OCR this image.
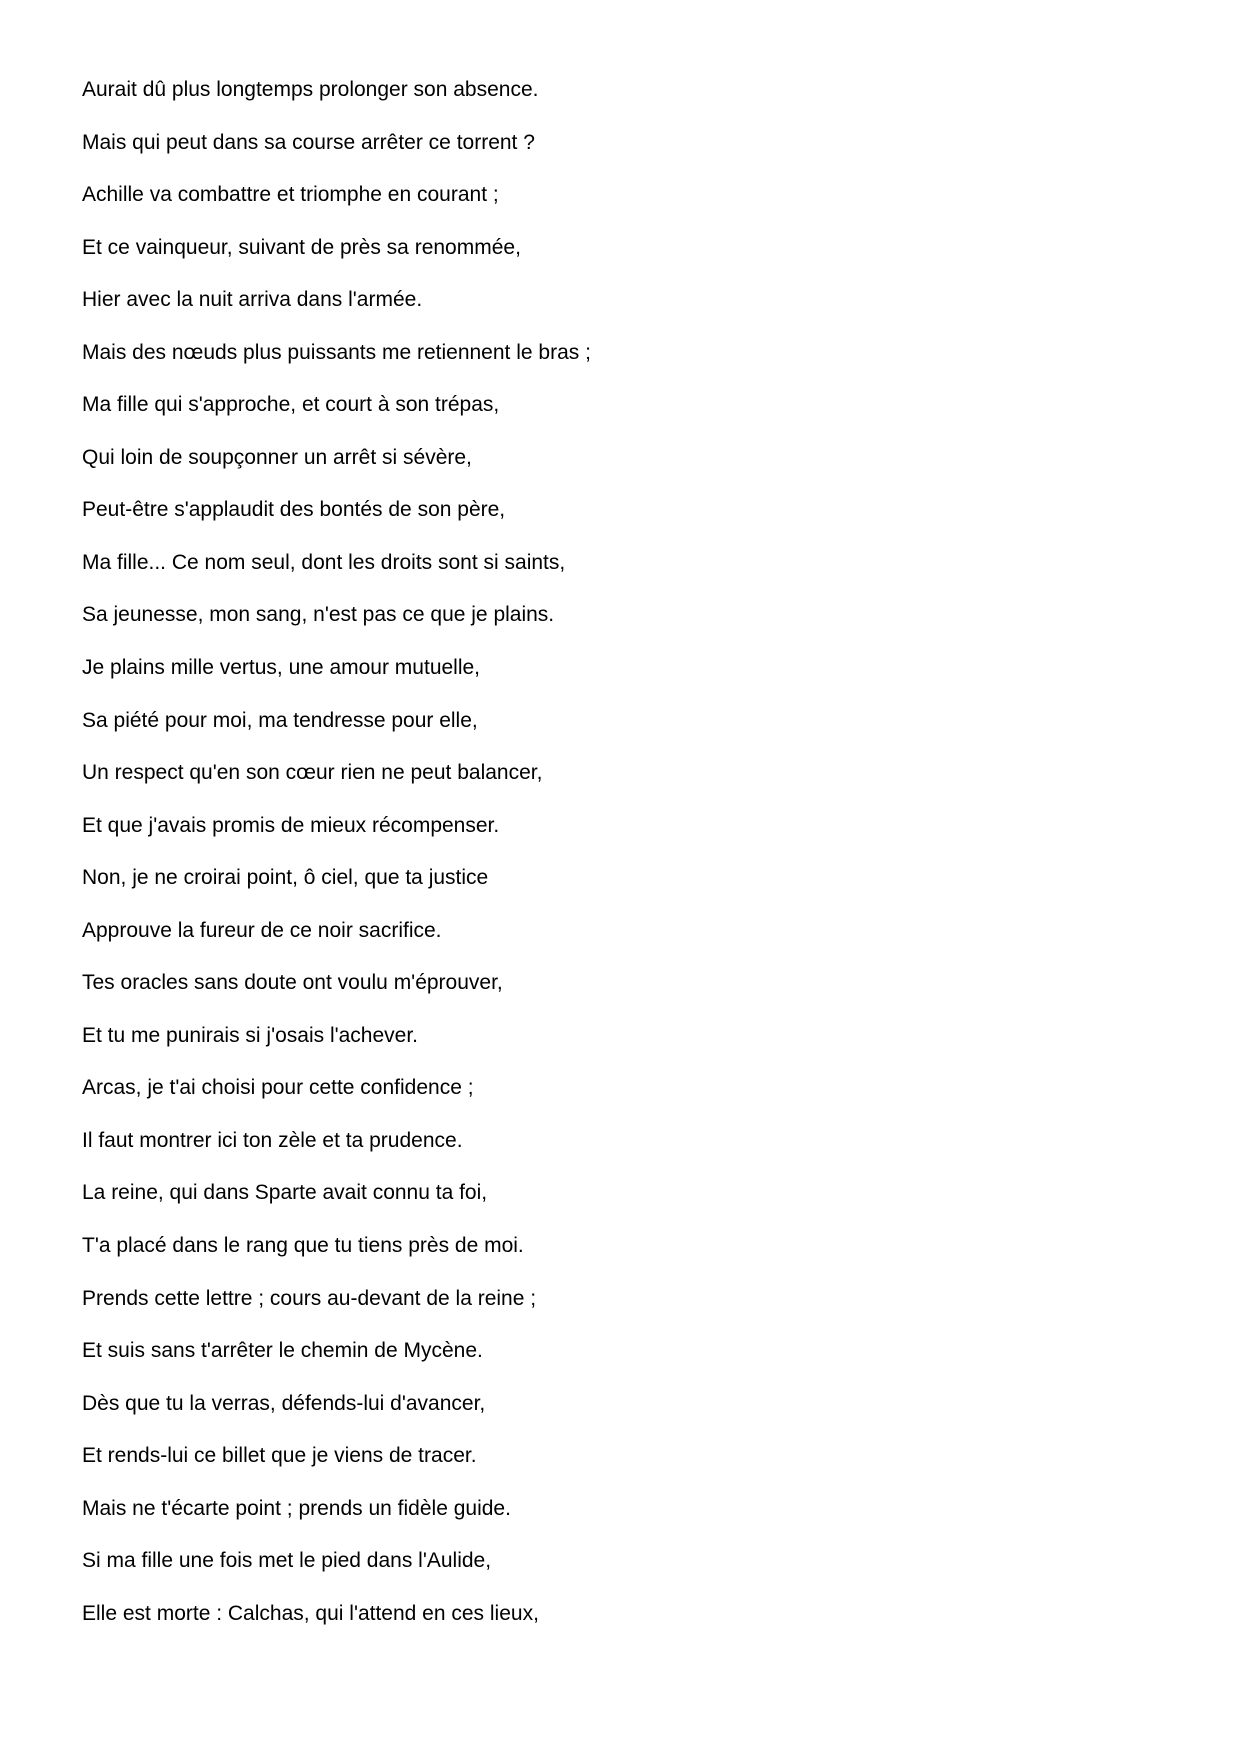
Aurait dû plus longtemps prolonger son absence.
Mais qui peut dans sa course arrêter ce torrent ?
Achille va combattre et triomphe en courant ;
Et ce vainqueur, suivant de près sa renommée,
Hier avec la nuit arriva dans l'armée.
Mais des nœuds plus puissants me retiennent le bras ;
Ma fille qui s'approche, et court à son trépas,
Qui loin de soupçonner un arrêt si sévère,
Peut-être s'applaudit des bontés de son père,
Ma fille... Ce nom seul, dont les droits sont si saints,
Sa jeunesse, mon sang, n'est pas ce que je plains.
Je plains mille vertus, une amour mutuelle,
Sa piété pour moi, ma tendresse pour elle,
Un respect qu'en son cœur rien ne peut balancer,
Et que j'avais promis de mieux récompenser.
Non, je ne croirai point, ô ciel, que ta justice
Approuve la fureur de ce noir sacrifice.
Tes oracles sans doute ont voulu m'éprouver,
Et tu me punirais si j'osais l'achever.
Arcas, je t'ai choisi pour cette confidence ;
Il faut montrer ici ton zèle et ta prudence.
La reine, qui dans Sparte avait connu ta foi,
T'a placé dans le rang que tu tiens près de moi.
Prends cette lettre ; cours au-devant de la reine ;
Et suis sans t'arrêter le chemin de Mycène.
Dès que tu la verras, défends-lui d'avancer,
Et rends-lui ce billet que je viens de tracer.
Mais ne t'écarte point ; prends un fidèle guide.
Si ma fille une fois met le pied dans l'Aulide,
Elle est morte : Calchas, qui l'attend en ces lieux,
